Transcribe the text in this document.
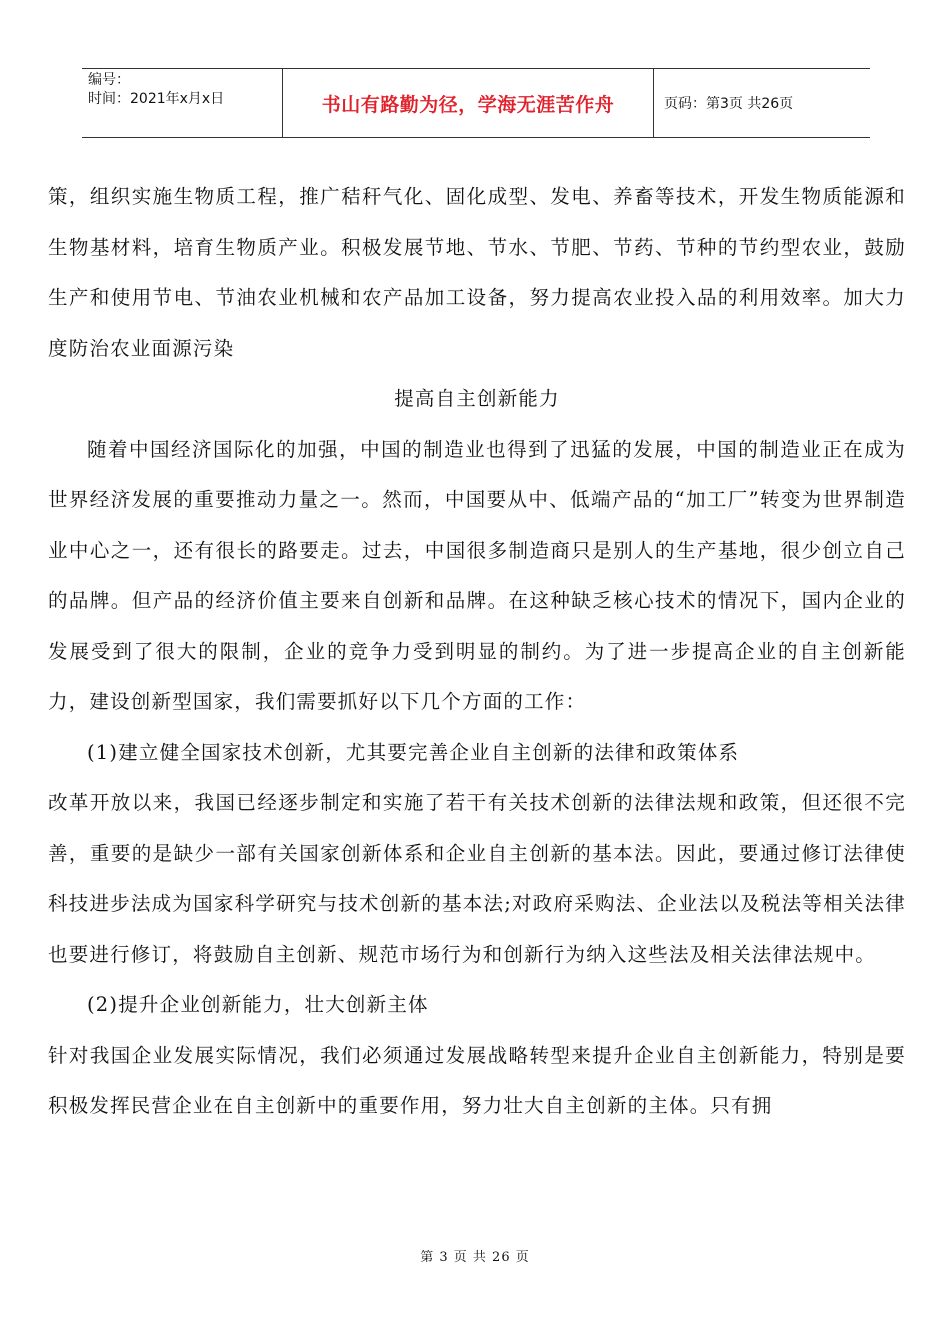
编号：
时间：2021年x月x日	书山有路勤为径，学海无涯苦作舟	页码：第3页 共26页

策，组织实施生物质工程，推广秸秆气化、固化成型、发电、养畜等技术，开发生物质能源和生物基材料，培育生物质产业。积极发展节地、节水、节肥、节药、节种的节约型农业，鼓励生产和使用节电、节油农业机械和农产品加工设备，努力提高农业投入品的利用效率。加大力度防治农业面源污染

提高自主创新能力

随着中国经济国际化的加强，中国的制造业也得到了迅猛的发展，中国的制造业正在成为世界经济发展的重要推动力量之一。然而，中国要从中、低端产品的“加工厂”转变为世界制造业中心之一，还有很长的路要走。过去，中国很多制造商只是别人的生产基地，很少创立自己的品牌。但产品的经济价值主要来自创新和品牌。在这种缺乏核心技术的情况下，国内企业的发展受到了很大的限制，企业的竞争力受到明显的制约。为了进一步提高企业的自主创新能力，建设创新型国家，我们需要抓好以下几个方面的工作：

(1)建立健全国家技术创新，尤其要完善企业自主创新的法律和政策体系

改革开放以来，我国已经逐步制定和实施了若干有关技术创新的法律法规和政策，但还很不完善，重要的是缺少一部有关国家创新体系和企业自主创新的基本法。因此，要通过修订法律使科技进步法成为国家科学研究与技术创新的基本法;对政府采购法、企业法以及税法等相关法律也要进行修订，将鼓励自主创新、规范市场行为和创新行为纳入这些法及相关法律法规中。

(2)提升企业创新能力，壮大创新主体

针对我国企业发展实际情况，我们必须通过发展战略转型来提升企业自主创新能力，特别是要积极发挥民营企业在自主创新中的重要作用，努力壮大自主创新的主体。只有拥

第 3 页 共 26 页
